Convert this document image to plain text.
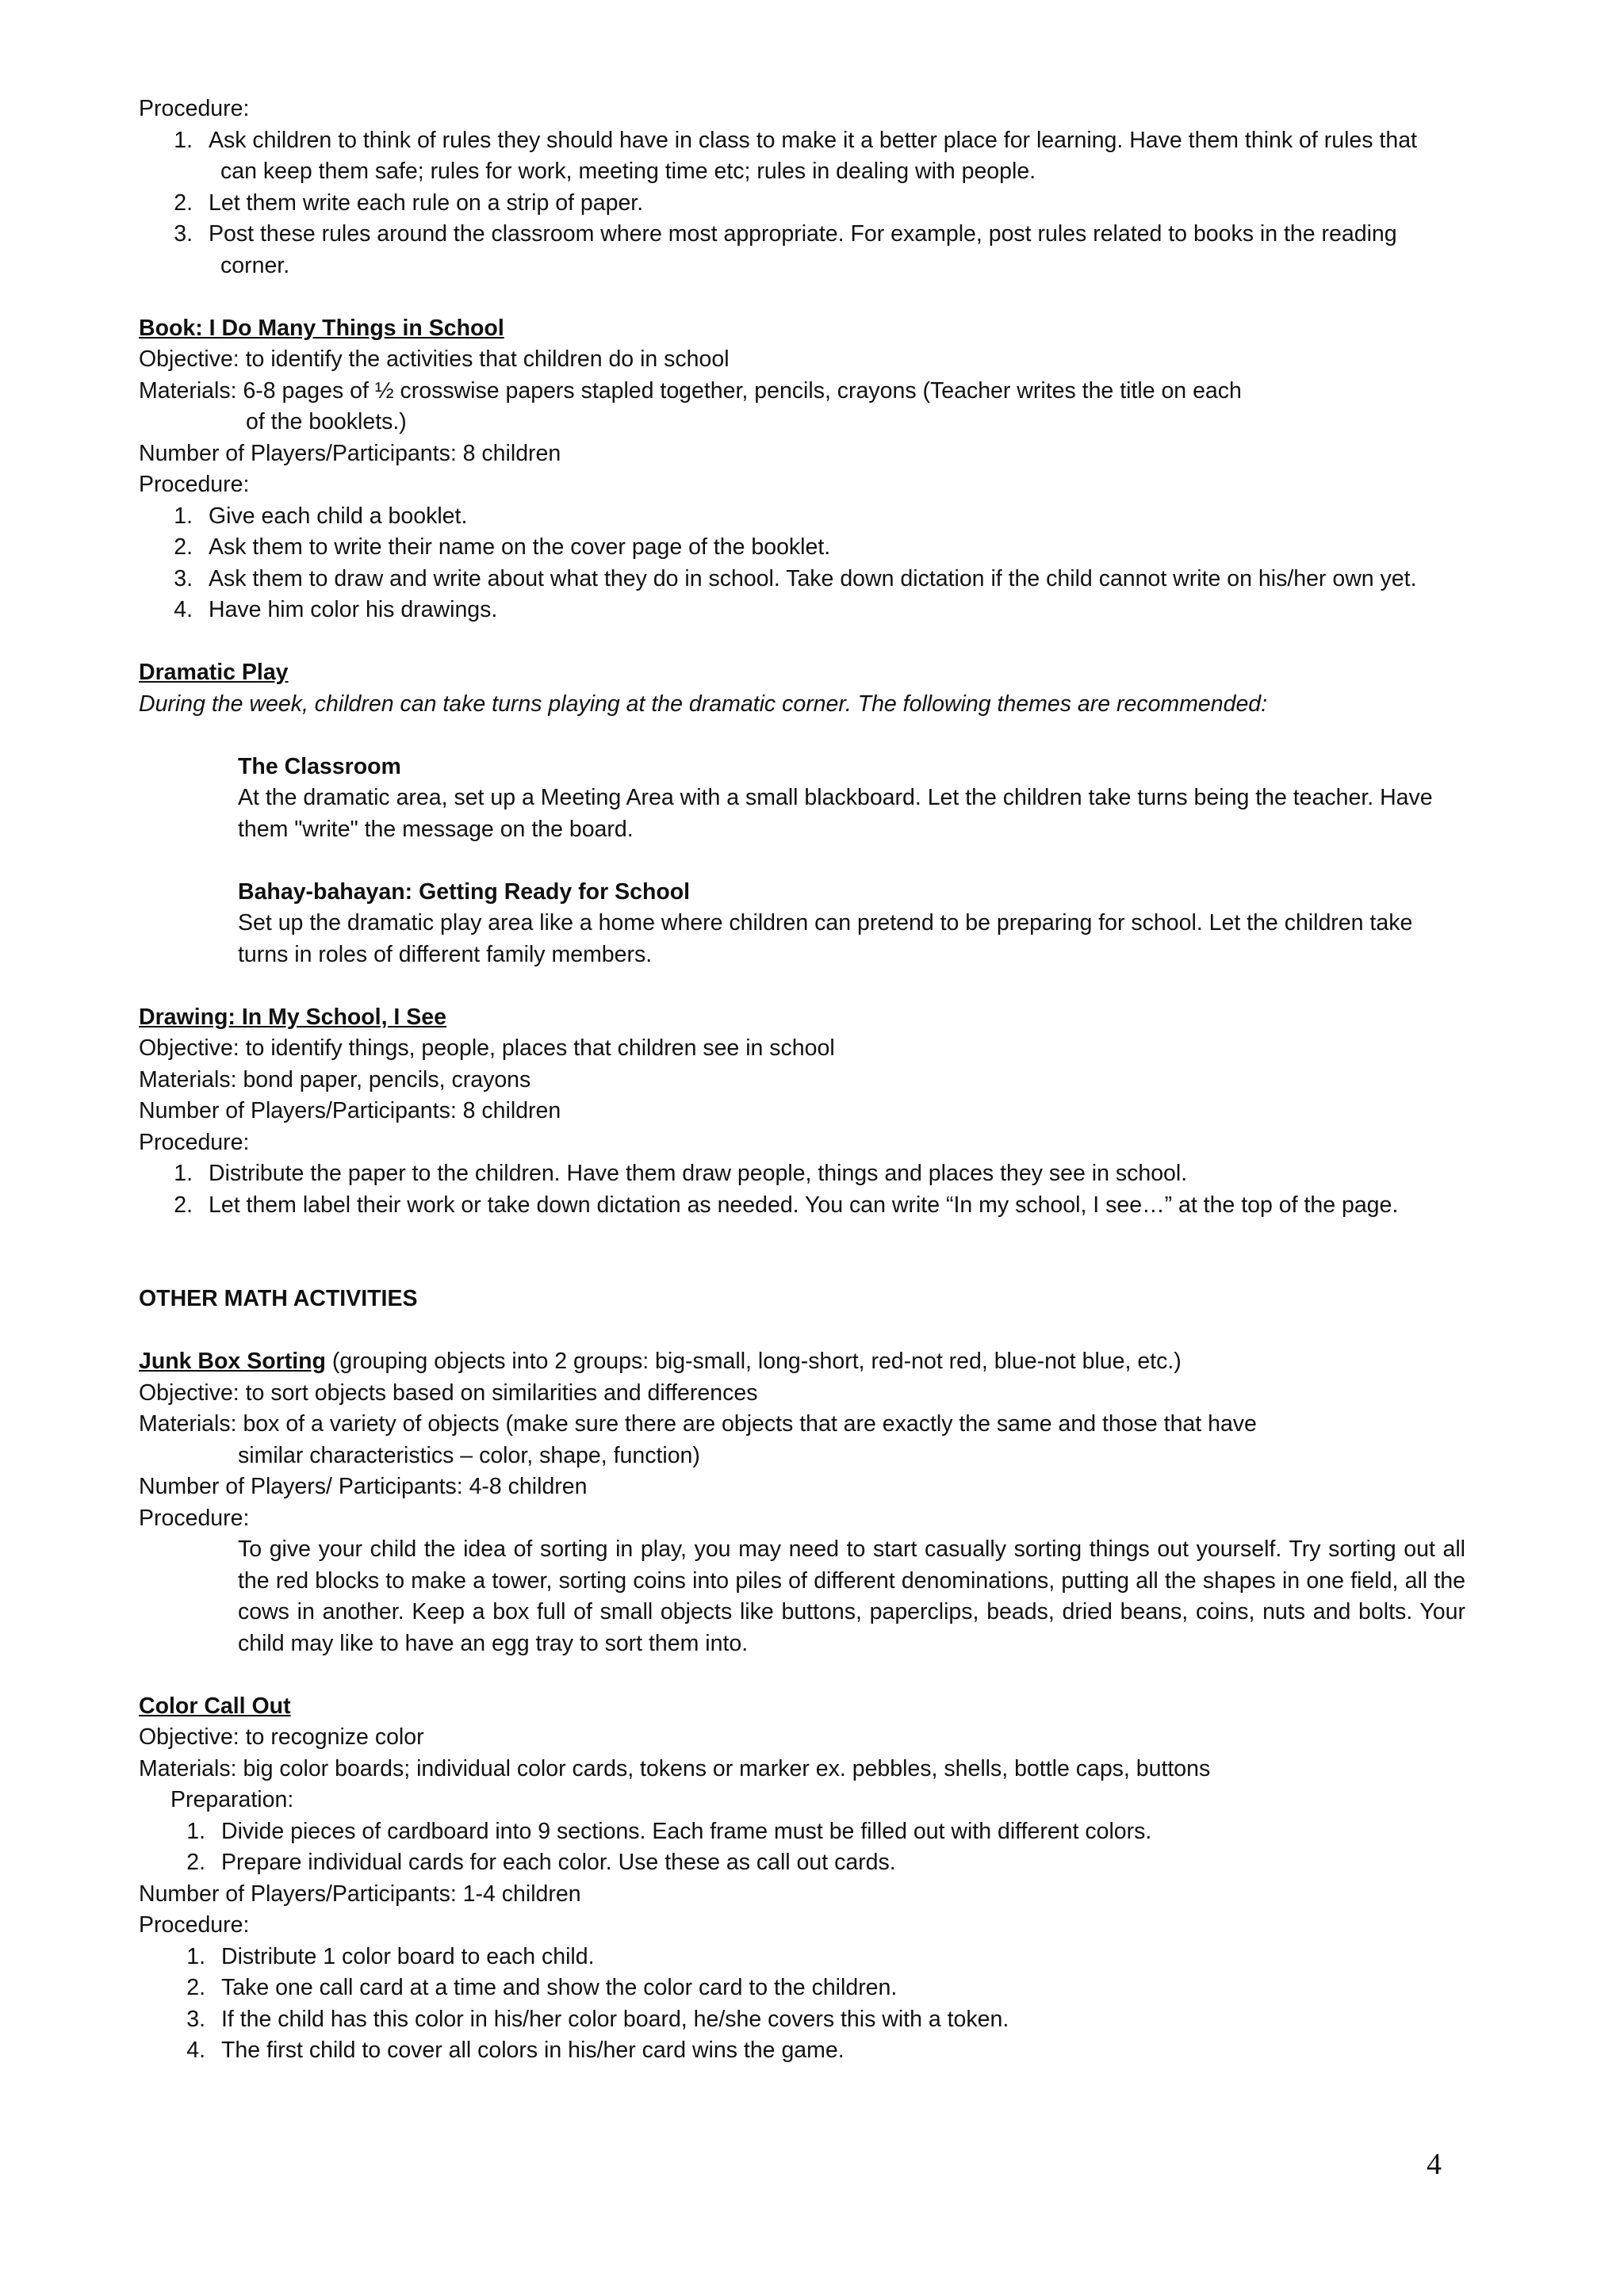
Procedure:
1. Ask children to think of rules they should have in class to make it a better place for learning. Have them think of rules that
can keep them safe; rules for work, meeting time etc; rules in dealing with people.
2. Let them write each rule on a strip of paper.
3. Post these rules around the classroom where most appropriate. For example, post rules related to books in the reading
corner.
Book: I Do Many Things in School
Objective: to identify the activities that children do in school
Materials: 6-8 pages of ½ crosswise papers stapled together, pencils, crayons (Teacher writes the title on each
of the booklets.)
Number of Players/Participants: 8 children
Procedure:
1. Give each child a booklet.
2. Ask them to write their name on the cover page of the booklet.
3. Ask them to draw and write about what they do in school. Take down dictation if the child cannot write on his/her own yet.
4. Have him color his drawings.
Dramatic Play
During the week, children can take turns playing at the dramatic corner. The following themes are recommended:
The Classroom
At the dramatic area, set up a Meeting Area with a small blackboard. Let the children take turns being the teacher. Have
them "write" the message on the board.
Bahay-bahayan: Getting Ready for School
Set up the dramatic play area like a home where children can pretend to be preparing for school. Let the children take
turns in roles of different family members.
Drawing: In My School, I See
Objective: to identify things, people, places that children see in school
Materials: bond paper, pencils, crayons
Number of Players/Participants: 8 children
Procedure:
1. Distribute the paper to the children. Have them draw people, things and places they see in school.
2. Let them label their work or take down dictation as needed. You can write “In my school, I see…” at the top of the page.
OTHER MATH ACTIVITIES
Junk Box Sorting (grouping objects into 2 groups: big-small, long-short, red-not red, blue-not blue, etc.)
Objective: to sort objects based on similarities and differences
Materials: box of a variety of objects (make sure there are objects that are exactly the same and those that have
similar characteristics – color, shape, function)
Number of Players/ Participants: 4-8 children
Procedure:
To give your child the idea of sorting in play, you may need to start casually sorting things out yourself. Try sorting out all the red blocks to make a tower, sorting coins into piles of different denominations, putting all the shapes in one field, all the cows in another. Keep a box full of small objects like buttons, paperclips, beads, dried beans, coins, nuts and bolts. Your child may like to have an egg tray to sort them into.
Color Call Out
Objective: to recognize color
Materials: big color boards; individual color cards, tokens or marker ex. pebbles, shells, bottle caps, buttons
Preparation:
1. Divide pieces of cardboard into 9 sections. Each frame must be filled out with different colors.
2. Prepare individual cards for each color. Use these as call out cards.
Number of Players/Participants: 1-4 children
Procedure:
1. Distribute 1 color board to each child.
2. Take one call card at a time and show the color card to the children.
3. If the child has this color in his/her color board, he/she covers this with a token.
4. The first child to cover all colors in his/her card wins the game.
4
